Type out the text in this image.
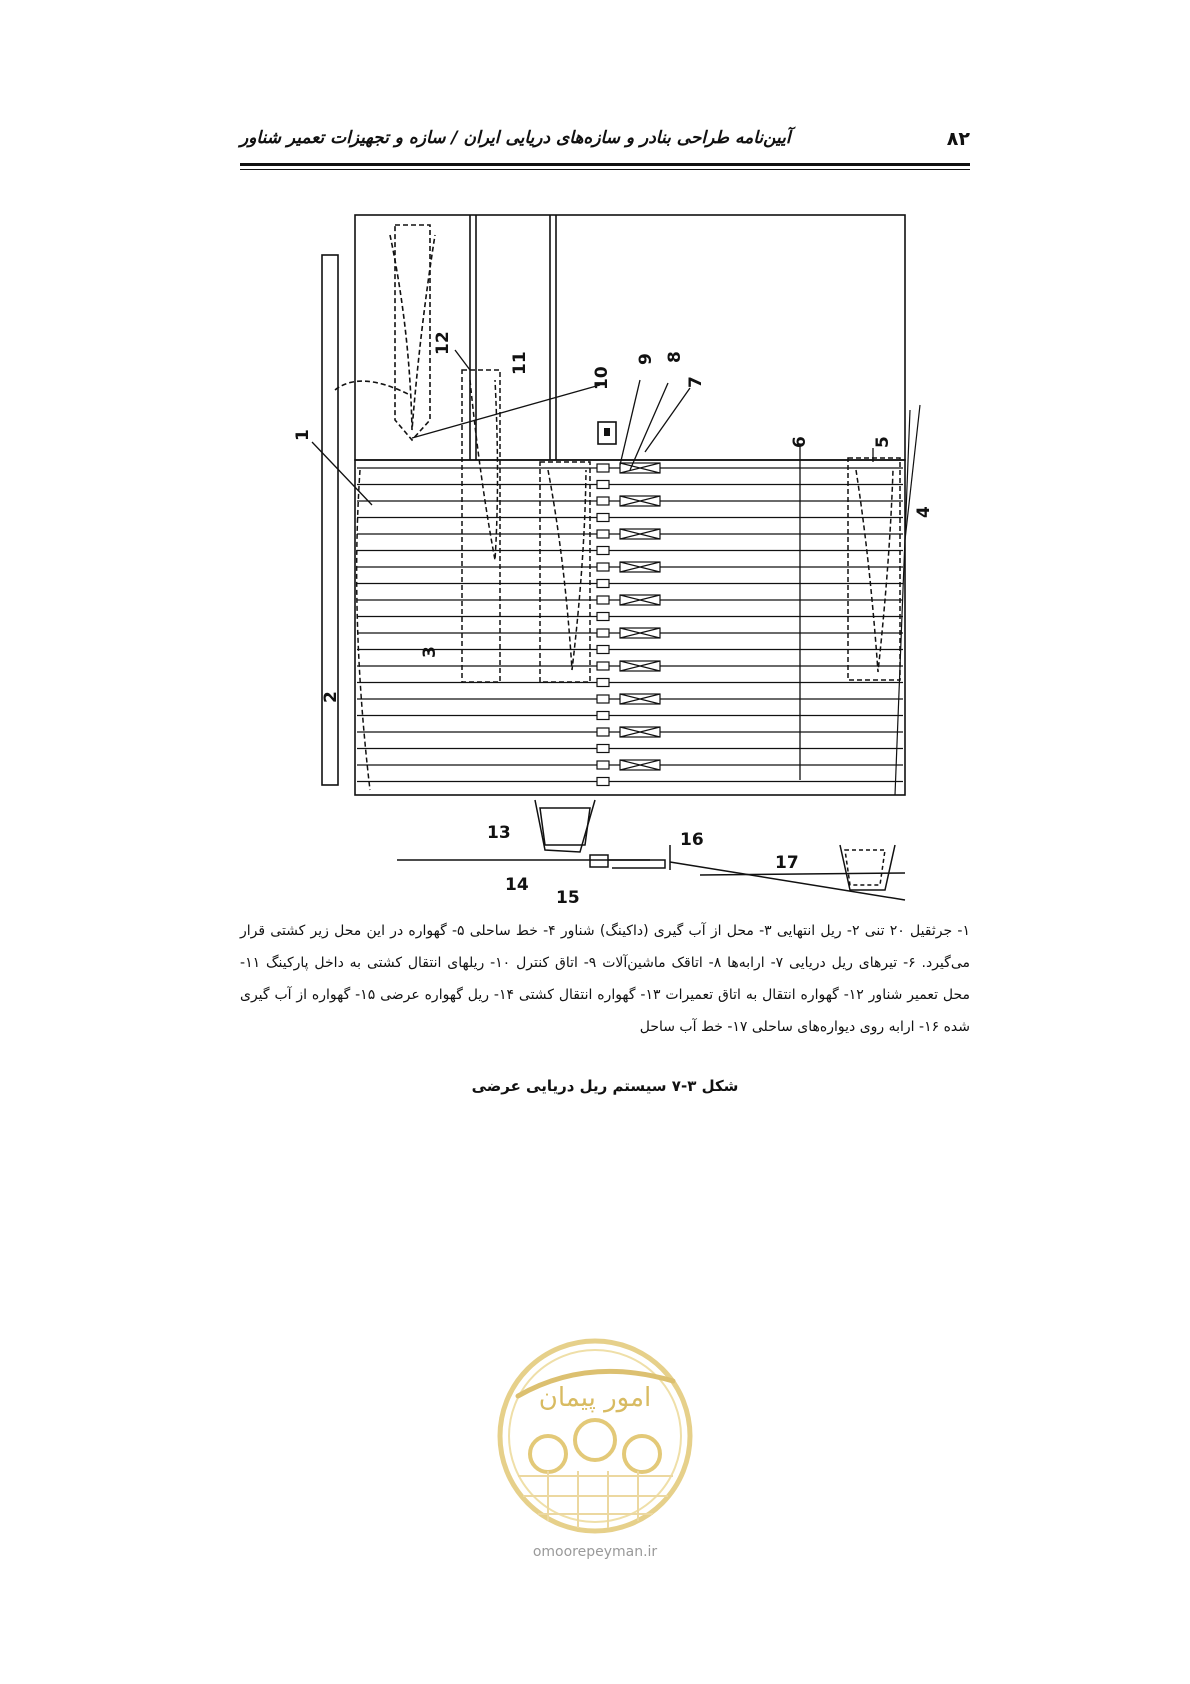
۸۲
آیین‌نامه طراحی بنادر و سازه‌های دریایی ایران / سازه و تجهیزات تعمیر شناور
1
2
3
4
5
6
7
8
9
10
11
12
13
14
15
16
17
۱- جرثقیل ۲۰ تنی ۲- ریل انتهایی ۳- محل از آب گیری (داکینگ) شناور ۴- خط ساحلی ۵- گهواره در این محل زیر کشتی قرار می‌گیرد. ۶- تیرهای ریل دریایی ۷- ارابه‌ها ۸- اتاقک ماشین‌آلات ۹- اتاق کنترل ۱۰- ریلهای انتقال کشتی به داخل پارکینگ ۱۱- محل تعمیر شناور ۱۲- گهواره انتقال به اتاق تعمیرات ۱۳- گهواره انتقال کشتی ۱۴- ریل گهواره عرضی ۱۵- گهواره از آب گیری شده ۱۶- ارابه روی دیواره‌های ساحلی ۱۷- خط آب ساحل
شکل ۳-۷ سیستم ریل دریایی عرضی
امور پیمان
omoorepeyman.ir
